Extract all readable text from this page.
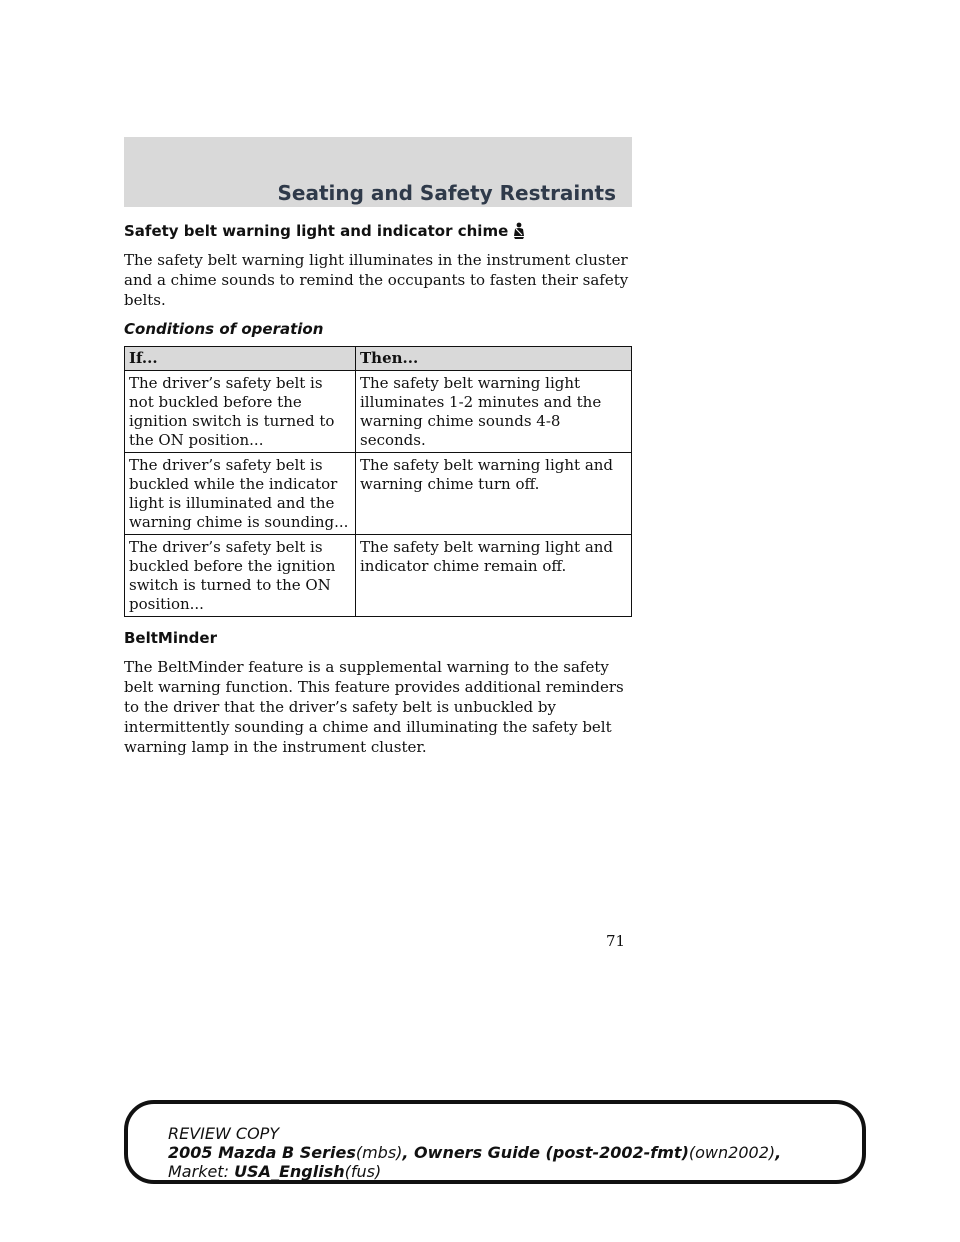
Seating and Safety Restraints
Safety belt warning light and indicator chime

The safety belt warning light illuminates in the instrument cluster and a chime sounds to remind the occupants to fasten their safety belts.

Conditions of operation
If...	Then...
The driver’s safety belt is not buckled before the ignition switch is turned to the ON position...	The safety belt warning light illuminates 1-2 minutes and the warning chime sounds 4-8 seconds.
The driver’s safety belt is buckled while the indicator light is illuminated and the warning chime is sounding...	The safety belt warning light and warning chime turn off.
The driver’s safety belt is buckled before the ignition switch is turned to the ON position...	The safety belt warning light and indicator chime remain off.
BeltMinder

The BeltMinder feature is a supplemental warning to the safety belt warning function. This feature provides additional reminders to the driver that the driver’s safety belt is unbuckled by intermittently sounding a chime and illuminating the safety belt warning lamp in the instrument cluster.

71
REVIEW COPY
2005 Mazda B Series(mbs), Owners Guide (post-2002-fmt)(own2002),
Market: USA_English(fus)
